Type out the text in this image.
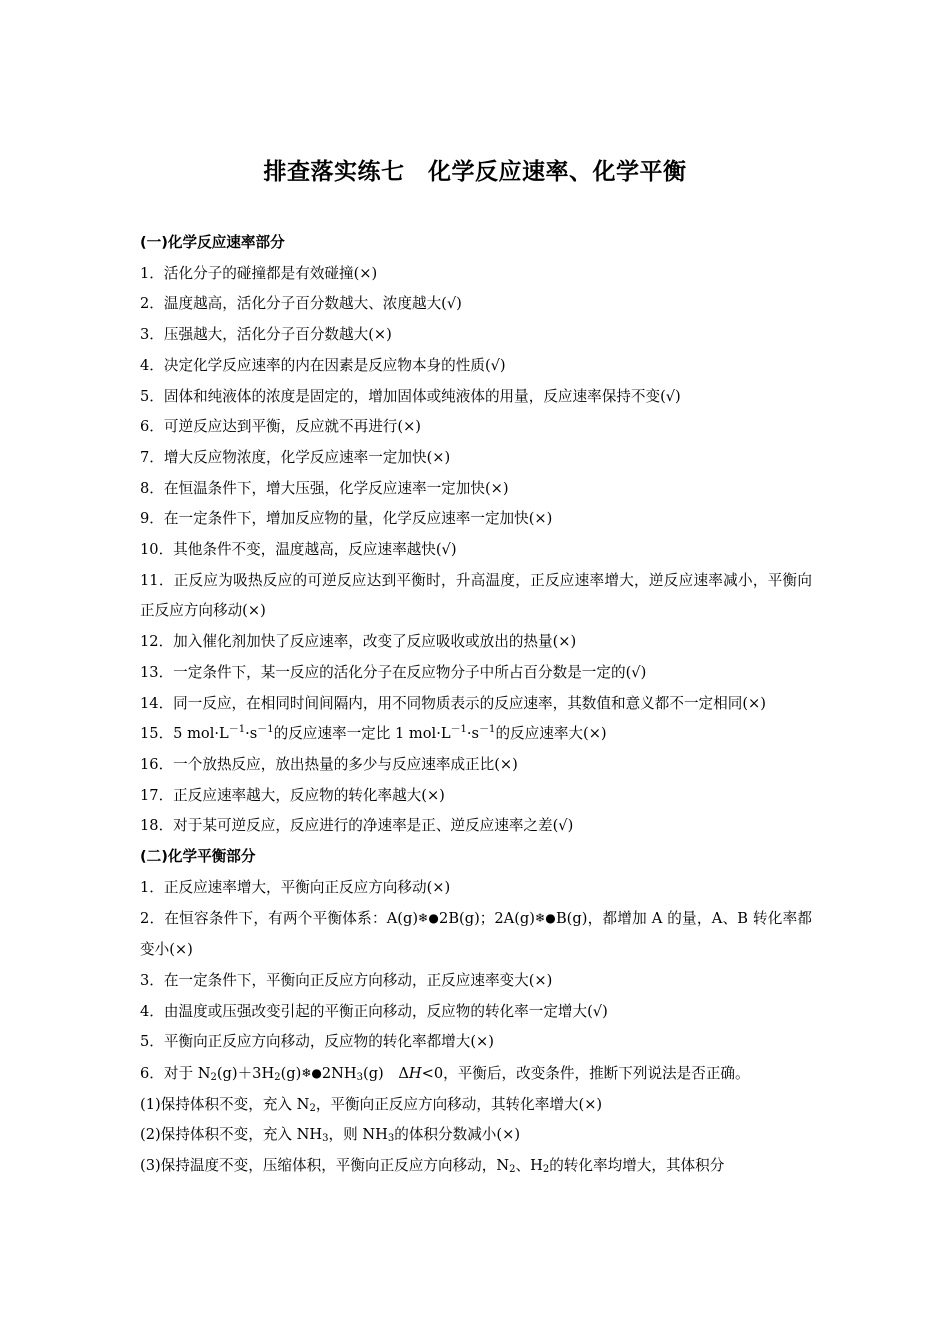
排查落实练七　化学反应速率、化学平衡
(一)化学反应速率部分
1．活化分子的碰撞都是有效碰撞(×)
2．温度越高，活化分子百分数越大、浓度越大(√)
3．压强越大，活化分子百分数越大(×)
4．决定化学反应速率的内在因素是反应物本身的性质(√)
5．固体和纯液体的浓度是固定的，增加固体或纯液体的用量，反应速率保持不变(√)
6．可逆反应达到平衡，反应就不再进行(×)
7．增大反应物浓度，化学反应速率一定加快(×)
8．在恒温条件下，增大压强，化学反应速率一定加快(×)
9．在一定条件下，增加反应物的量，化学反应速率一定加快(×)
10．其他条件不变，温度越高，反应速率越快(√)
11．正反应为吸热反应的可逆反应达到平衡时，升高温度，正反应速率增大，逆反应速率减小，平衡向正反应方向移动(×)
12．加入催化剂加快了反应速率，改变了反应吸收或放出的热量(×)
13．一定条件下，某一反应的活化分子在反应物分子中所占百分数是一定的(√)
14．同一反应，在相同时间间隔内，用不同物质表示的反应速率，其数值和意义都不一定相同(×)
15．5 $mol\cdot L^{-1}\cdot s^{-1}$的反应速率一定比 1 $mol\cdot L^{-1}\cdot s^{-1}$的反应速率大(×)
16．一个放热反应，放出热量的多少与反应速率成正比(×)
17．正反应速率越大，反应物的转化率越大(×)
18．对于某可逆反应，反应进行的净速率是正、逆反应速率之差(√)
(二)化学平衡部分
1．正反应速率增大，平衡向正反应方向移动(×)
2．在恒容条件下，有两个平衡体系：A(g)❄●2B(g)；2A(g)❄●B(g)，都增加 A 的量，A、B 转化率都变小(×)
3．在一定条件下，平衡向正反应方向移动，正反应速率变大(×)
4．由温度或压强改变引起的平衡正向移动，反应物的转化率一定增大(√)
5．平衡向正反应方向移动，反应物的转化率都增大(×)
6．对于 $N_2(g)+3H_2(g)❄●2NH_3(g)$　ΔH<0，平衡后，改变条件，推断下列说法是否正确。
(1)保持体积不变，充入 $N_2$，平衡向正反应方向移动，其转化率增大(×)
(2)保持体积不变，充入 $NH_3$，则 $NH_3$的体积分数减小(×)
(3)保持温度不变，压缩体积，平衡向正反应方向移动，$N_2$、$H_2$的转化率均增大，其体积分
